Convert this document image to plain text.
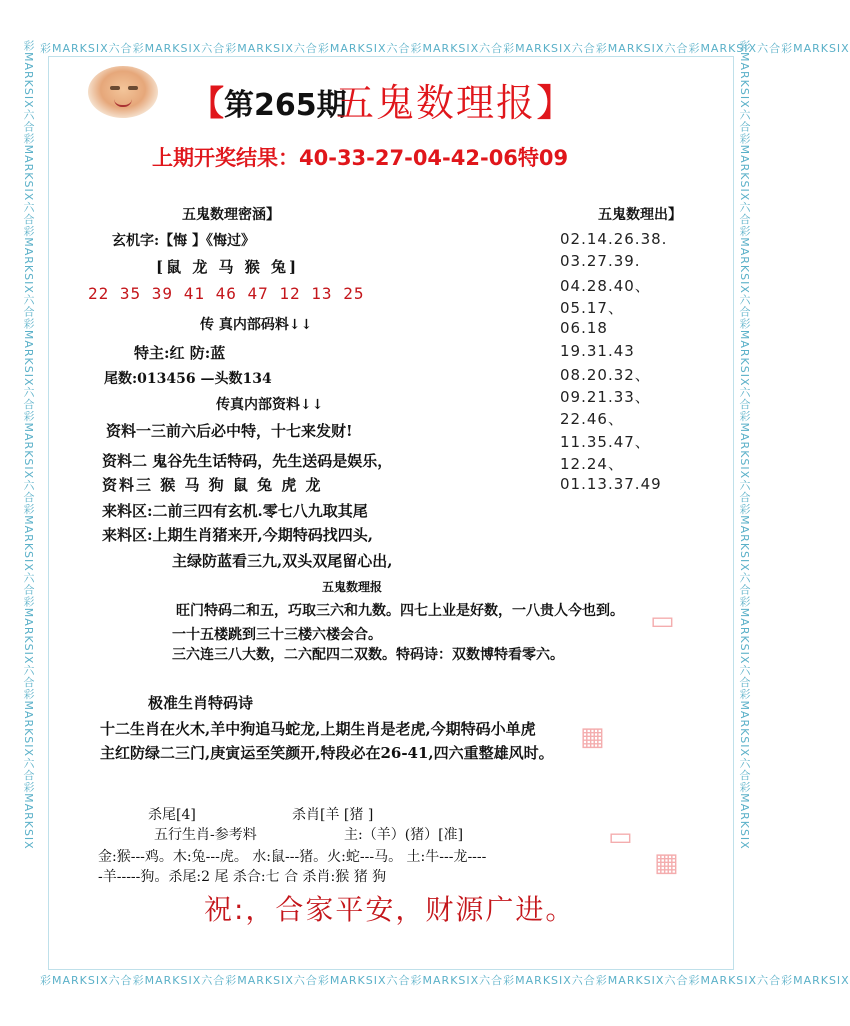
彩MARKSIX六合彩MARKSIX六合彩MARKSIX六合彩MARKSIX六合彩MARKSIX六合彩MARKSIX六合彩MARKSIX六合彩MARKSIX六合彩MARKSIX
彩MARKSIX六合彩MARKSIX六合彩MARKSIX六合彩MARKSIX六合彩MARKSIX六合彩MARKSIX六合彩MARKSIX六合彩MARKSIX六合彩MARKSIX
彩MARKSIX六合彩MARKSIX六合彩MARKSIX六合彩MARKSIX六合彩MARKSIX六合彩MARKSIX六合彩MARKSIX六合彩MARKSIX六合彩MARKSIX	彩MARKSIX六合彩MARKSIX六合彩MARKSIX六合彩MARKSIX六合彩MARKSIX六合彩MARKSIX六合彩MARKSIX六合彩MARKSIX六合彩MARKSIX
【第265期
五鬼数理报】
上期开奖结果：40-33-27-04-42-06特09
五鬼数理密涵】
玄机字:【悔 】《悔过》
[鼠 龙 马 猴 兔]
22 35 39 41 46 47 12 13 25
传 真内部码料↓↓
特主:红 防:蓝
尾数:013456 —头数134
传真内部资料↓↓
资料一三前六后必中特，十七来发财!
资料二 鬼谷先生话特码，先生送码是娱乐，
资料三 猴 马 狗 鼠 兔 虎 龙
来料区:二前三四有玄机.零七八九取其尾
来料区:上期生肖猪来开,今期特码找四头,
主绿防蓝看三九,双头双尾留心出,
五鬼数理报
五鬼数理出】
02.14.26.38.
03.27.39.
04.28.40、
05.17、
06.18
19.31.43
08.20.32、
09.21.33、
22.46、
11.35.47、
12.24、
01.13.37.49
旺门特码二和五，巧取三六和九数。四七上业是好数，一八贵人今也到。
一十五楼跳到三十三楼六楼会合。
三六连三八大数，二六配四二双数。特码诗：双数博特看零六。
极准生肖特码诗
十二生肖在火木,羊中狗追马蛇龙,上期生肖是老虎,今期特码小单虎
主红防绿二三门,庚寅运至笑颜开,特段必在26-41,四六重整雄风时。
杀尾[4]	杀肖[羊 [猪 ]
五行生肖-参考料	主:（羊）(猪）[准]
金:猴---鸡。木:兔---虎。 水:鼠---猪。火:蛇---马。 土:牛---龙----
-羊-----狗。杀尾:2 尾 杀合:七 合 杀肖:猴 猪 狗
祝:，合家平安，财源广进。
▭
▦
▭
▦
